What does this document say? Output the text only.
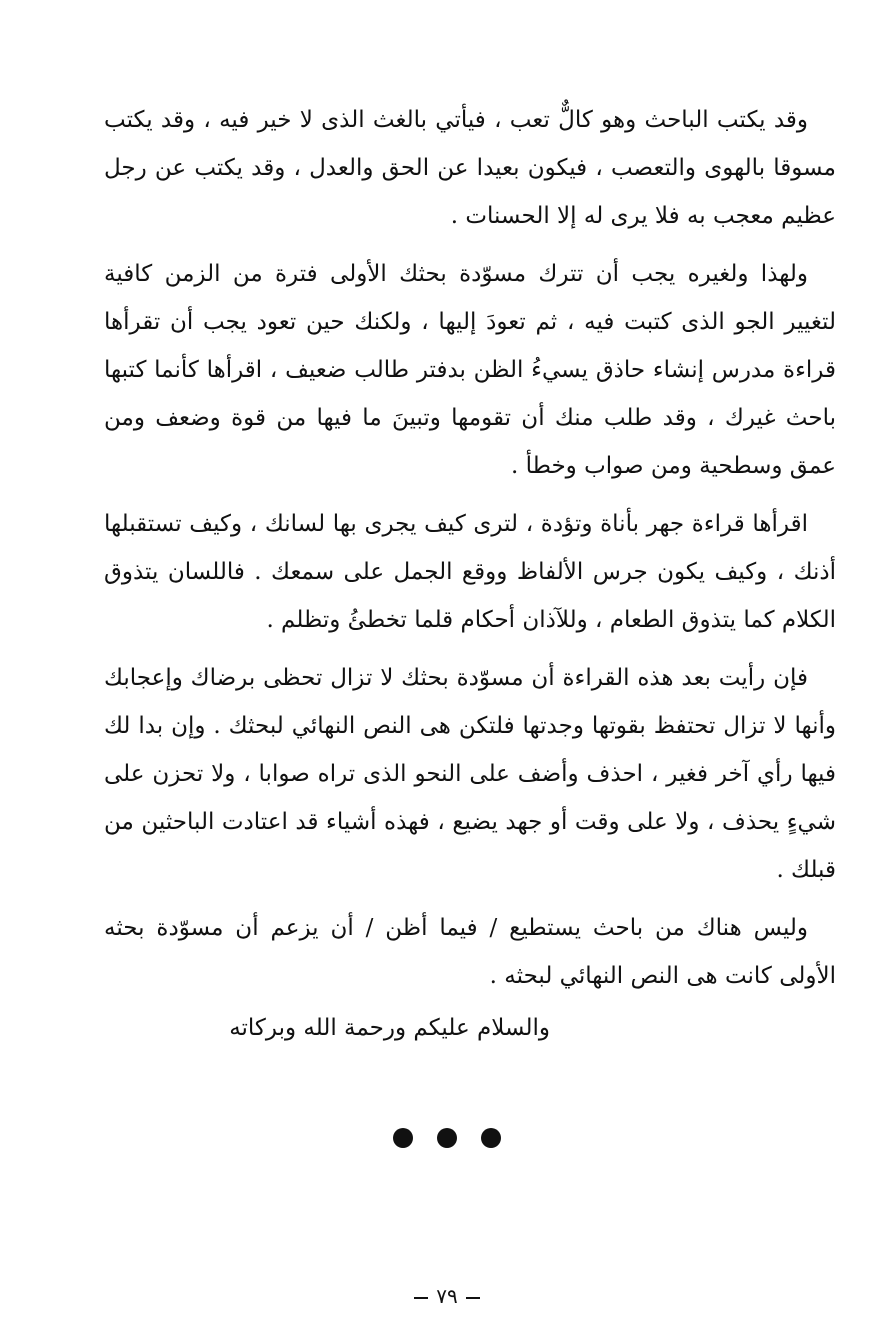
وقد يكتب الباحث وهو كالٌّ تعب ، فيأتي بالغث الذى لا خير فيه ، وقد يكتب مسوقا بالهوى والتعصب ، فيكون بعيدا عن الحق والعدل ، وقد يكتب عن رجل عظيم معجب به فلا يرى له إلا الحسنات .

ولهذا ولغيره يجب أن تترك مسوّدة بحثك الأولى فترة من الزمن كافية لتغيير الجو الذى كتبت فيه ، ثم تعودَ إليها ، ولكنك حين تعود يجب أن تقرأها قراءة مدرس إنشاء حاذق يسيءُ الظن بدفتر طالب ضعيف ، اقرأها كأنما كتبها باحث غيرك ، وقد طلب منك أن تقومها وتبينَ ما فيها من قوة وضعف ومن عمق وسطحية ومن صواب وخطأ .

اقرأها قراءة جهر بأناة وتؤدة ، لترى كيف يجرى بها لسانك ، وكيف تستقبلها أذنك ، وكيف يكون جرس الألفاظ ووقع الجمل على سمعك . فاللسان يتذوق الكلام كما يتذوق الطعام ، وللآذان أحكام قلما تخطئُ وتظلم .

فإن رأيت بعد هذه القراءة أن مسوّدة بحثك لا تزال تحظى برضاك وإعجابك وأنها لا تزال تحتفظ بقوتها وجدتها فلتكن هى النص النهائي لبحثك . وإن بدا لك فيها رأي آخر فغير ، احذف وأضف على النحو الذى تراه صوابا ، ولا تحزن على شيءٍ يحذف ، ولا على وقت أو جهد يضيع ، فهذه أشياء قد اعتادت الباحثين من قبلك .

وليس هناك من باحث يستطيع / فيما أظن / أن يزعم أن مسوّدة بحثه الأولى كانت هى النص النهائي لبحثه .

والسلام عليكم ورحمة الله وبركاته
٧٩
